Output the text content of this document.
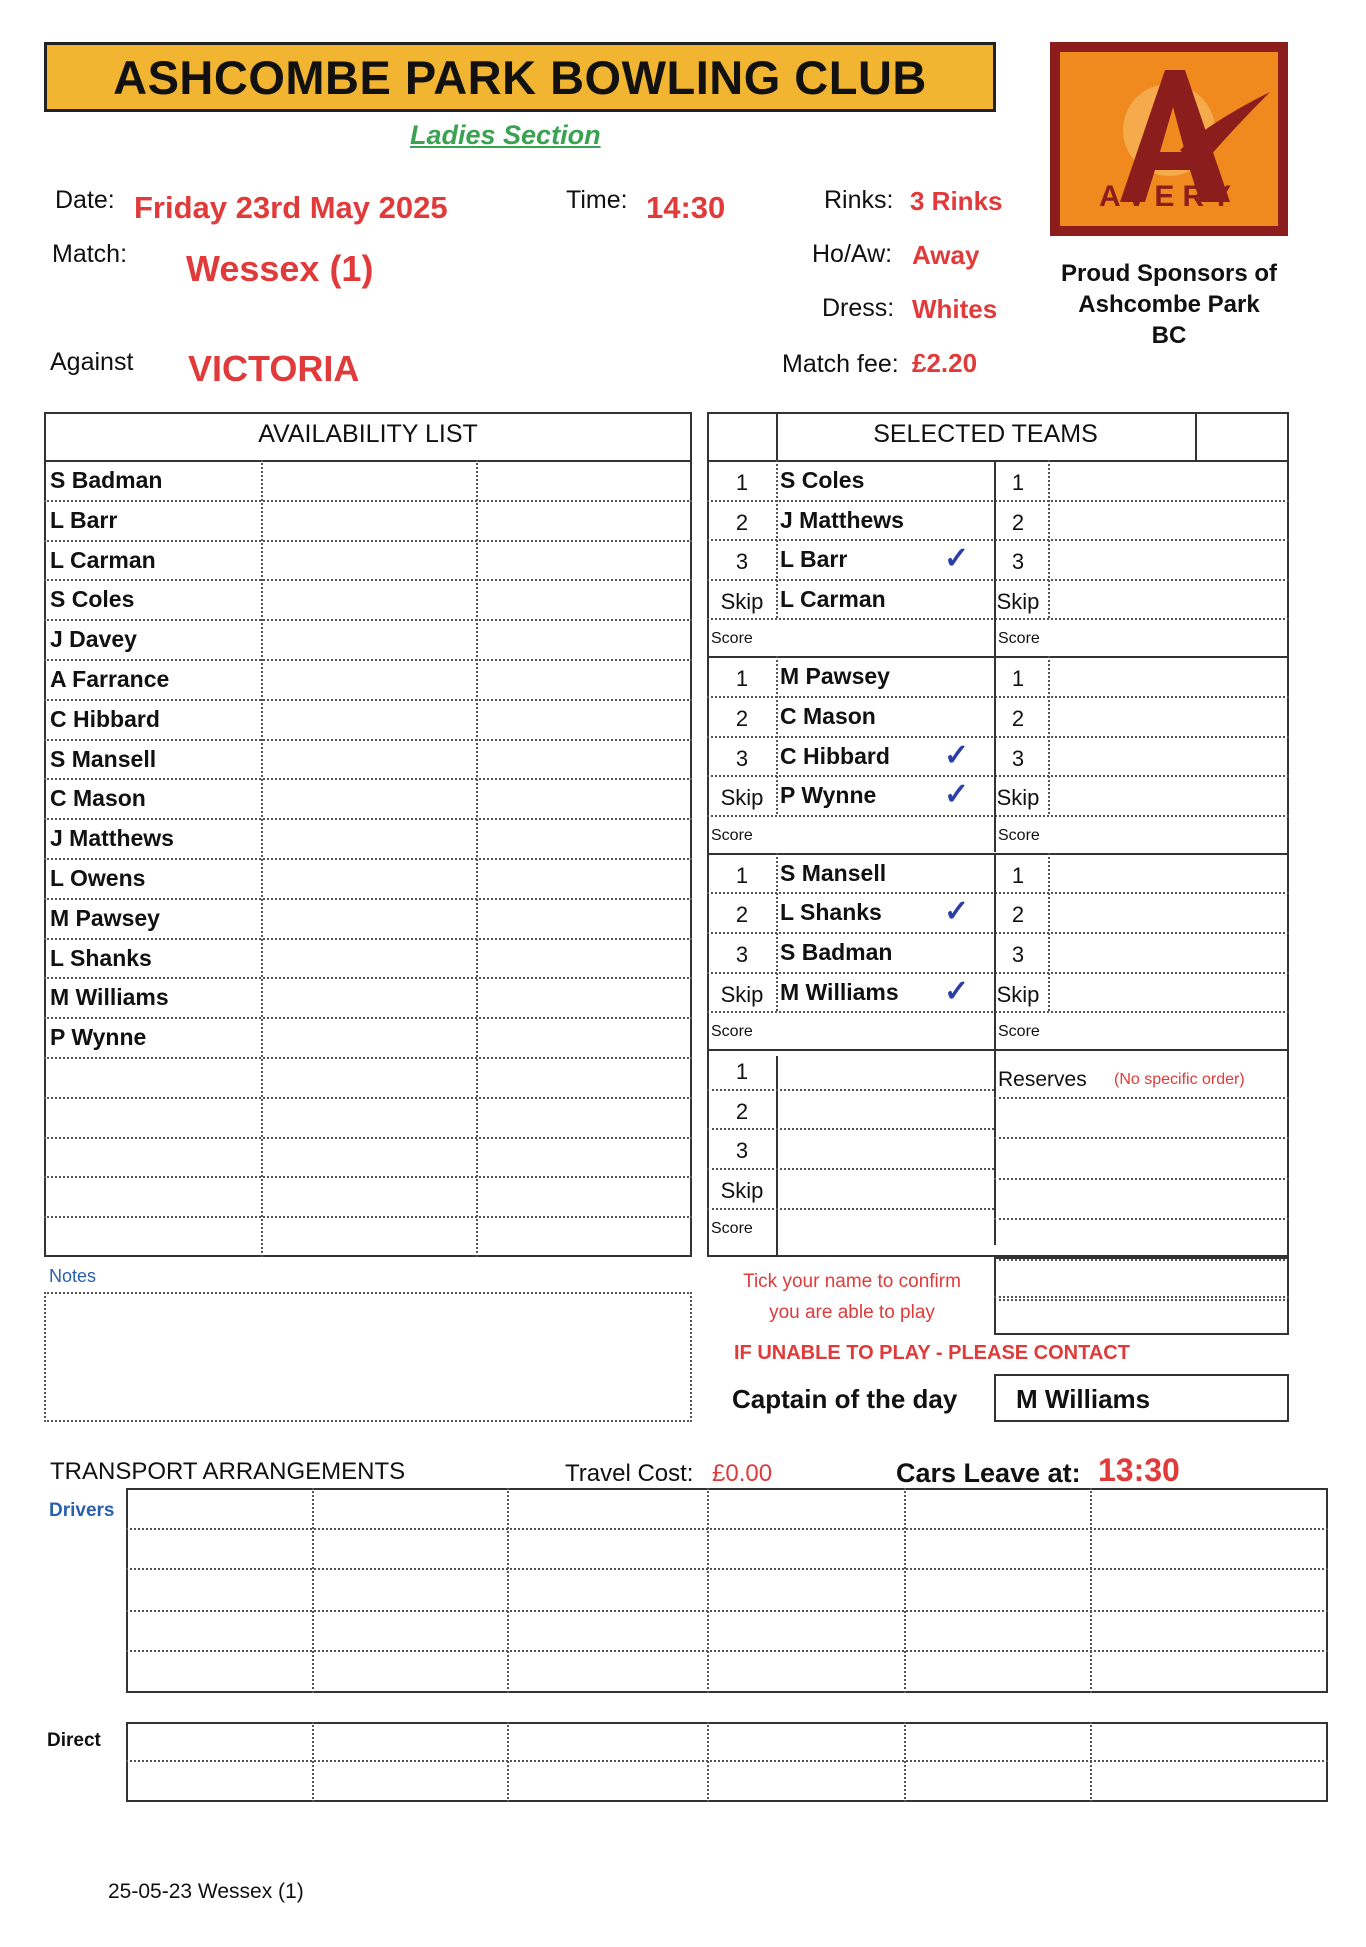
ASHCOMBE PARK BOWLING CLUB
Ladies Section
AVERY
Proud Sponsors of
Ashcombe Park
BC
Date: Friday 23rd May 2025	Time: 14:30	Rinks: 3 Rinks
Match: Wessex (1)	Ho/Aw: Away
Dress: Whites
Against VICTORIA	Match fee: £2.20
AVAILABILITY LIST	SELECTED TEAMS
Notes	Tick your name to confirm
you are able to play
IF UNABLE TO PLAY - PLEASE CONTACT
Captain of the day	M Williams
TRANSPORT ARRANGEMENTS	Travel Cost: £0.00	Cars Leave at: 13:30
Drivers
Direct
25-05-23 Wessex (1)
S Badman
L Barr
L Carman
S Coles
J Davey
A Farrance
C Hibbard
S Mansell
C Mason
J Matthews
L Owens
M Pawsey
L Shanks
M Williams
P Wynne
1	S Coles	1
2	J Matthews	2
3	L Barr	✓	3
Skip L Carman	Skip
Score	Score
1	M Pawsey	1
2	C Mason	2
3	C Hibbard ✓	3
Skip P Wynne ✓ Skip
Score	Score
1	S Mansell	1
2	L Shanks ✓	2
3	S Badman	3
Skip M Williams ✓ Skip
Score	Score
1
2
3
Skip
Score
Reserves (No specific order)
